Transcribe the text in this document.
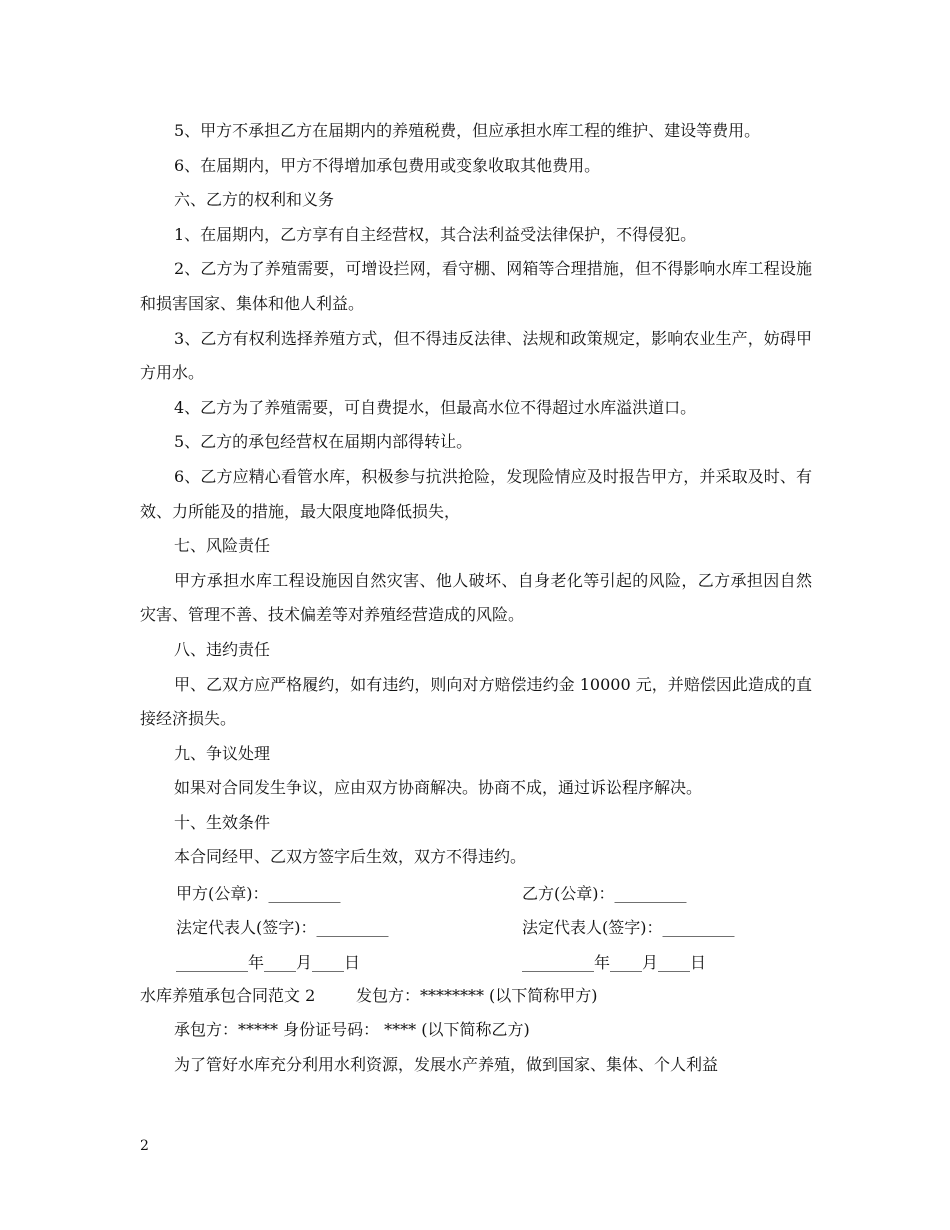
5、甲方不承担乙方在届期内的养殖税费，但应承担水库工程的维护、建设等费用。

6、在届期内，甲方不得增加承包费用或变象收取其他费用。

六、乙方的权利和义务

1、在届期内，乙方享有自主经营权，其合法利益受法律保护，不得侵犯。

2、乙方为了养殖需要，可增设拦网，看守棚、网箱等合理措施，但不得影响水库工程设施和损害国家、集体和他人利益。

3、乙方有权利选择养殖方式，但不得违反法律、法规和政策规定，影响农业生产，妨碍甲方用水。

4、乙方为了养殖需要，可自费提水，但最高水位不得超过水库溢洪道口。

5、乙方的承包经营权在届期内部得转让。

6、乙方应精心看管水库，积极参与抗洪抢险，发现险情应及时报告甲方，并采取及时、有效、力所能及的措施，最大限度地降低损失，

七、风险责任

甲方承担水库工程设施因自然灾害、他人破坏、自身老化等引起的风险，乙方承担因自然灾害、管理不善、技术偏差等对养殖经营造成的风险。

八、违约责任

甲、乙双方应严格履约，如有违约，则向对方赔偿违约金 10000 元，并赔偿因此造成的直接经济损失。

九、争议处理

如果对合同发生争议，应由双方协商解决。协商不成，通过诉讼程序解决。

十、生效条件

本合同经甲、乙双方签字后生效，双方不得违约。

甲方(公章)：_________	乙方(公章)：_________
法定代表人(签字)：_________	法定代表人(签字)：_________
_________年____月____日	_________年____月____日

水库养殖承包合同范文 2        发包方：******** (以下简称甲方)

承包方：***** 身份证号码： **** (以下简称乙方)

为了管好水库充分利用水利资源，发展水产养殖，做到国家、集体、个人利益

2
